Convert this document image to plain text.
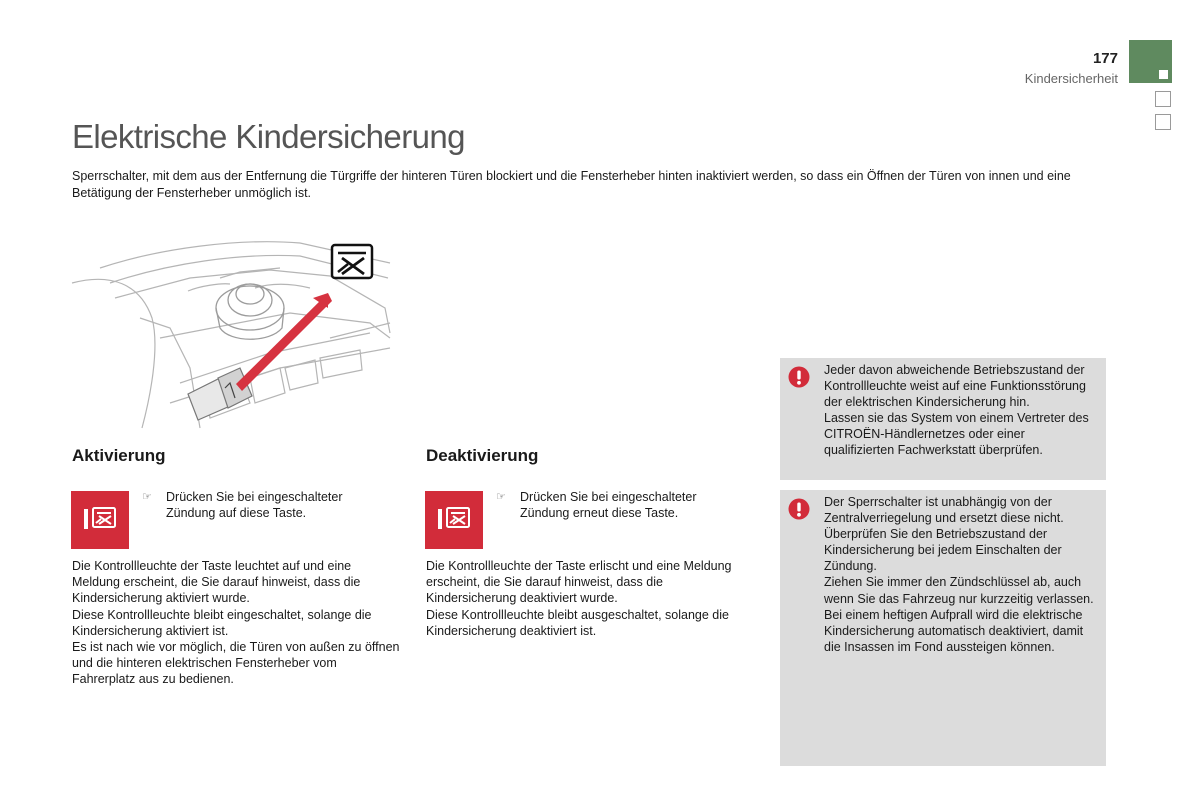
177
Kindersicherheit
Elektrische Kindersicherung
Sperrschalter, mit dem aus der Entfernung die Türgriffe der hinteren Türen blockiert und die Fensterheber hinten inaktiviert werden, so dass ein Öffnen der Türen von innen und eine Betätigung der Fensterheber unmöglich ist.
Aktivierung
☞	Drücken Sie bei eingeschalteter Zündung auf diese Taste.
Die Kontrollleuchte der Taste leuchtet auf und eine Meldung erscheint, die Sie darauf hinweist, dass die Kindersicherung aktiviert wurde.
Diese Kontrollleuchte bleibt eingeschaltet, solange die Kindersicherung aktiviert ist.
Es ist nach wie vor möglich, die Türen von außen zu öffnen und die hinteren elektrischen Fensterheber vom Fahrerplatz aus zu bedienen.
Deaktivierung
☞	Drücken Sie bei eingeschalteter Zündung erneut diese Taste.
Die Kontrollleuchte der Taste erlischt und eine Meldung erscheint, die Sie darauf hinweist, dass die Kindersicherung deaktiviert wurde.
Diese Kontrollleuchte bleibt ausgeschaltet, solange die Kindersicherung deaktiviert ist.
Jeder davon abweichende Betriebszustand der Kontrollleuchte weist auf eine Funktionsstörung der elektrischen Kindersicherung hin.
Lassen sie das System von einem Vertreter des CITROËN-Händlernetzes oder einer qualifizierten Fachwerkstatt überprüfen.
Der Sperrschalter ist unabhängig von der Zentralverriegelung und ersetzt diese nicht.
Überprüfen Sie den Betriebszustand der Kindersicherung bei jedem Einschalten der Zündung.
Ziehen Sie immer den Zündschlüssel ab, auch wenn Sie das Fahrzeug nur kurzzeitig verlassen.
Bei einem heftigen Aufprall wird die elektrische Kindersicherung automatisch deaktiviert, damit die Insassen im Fond aussteigen können.
